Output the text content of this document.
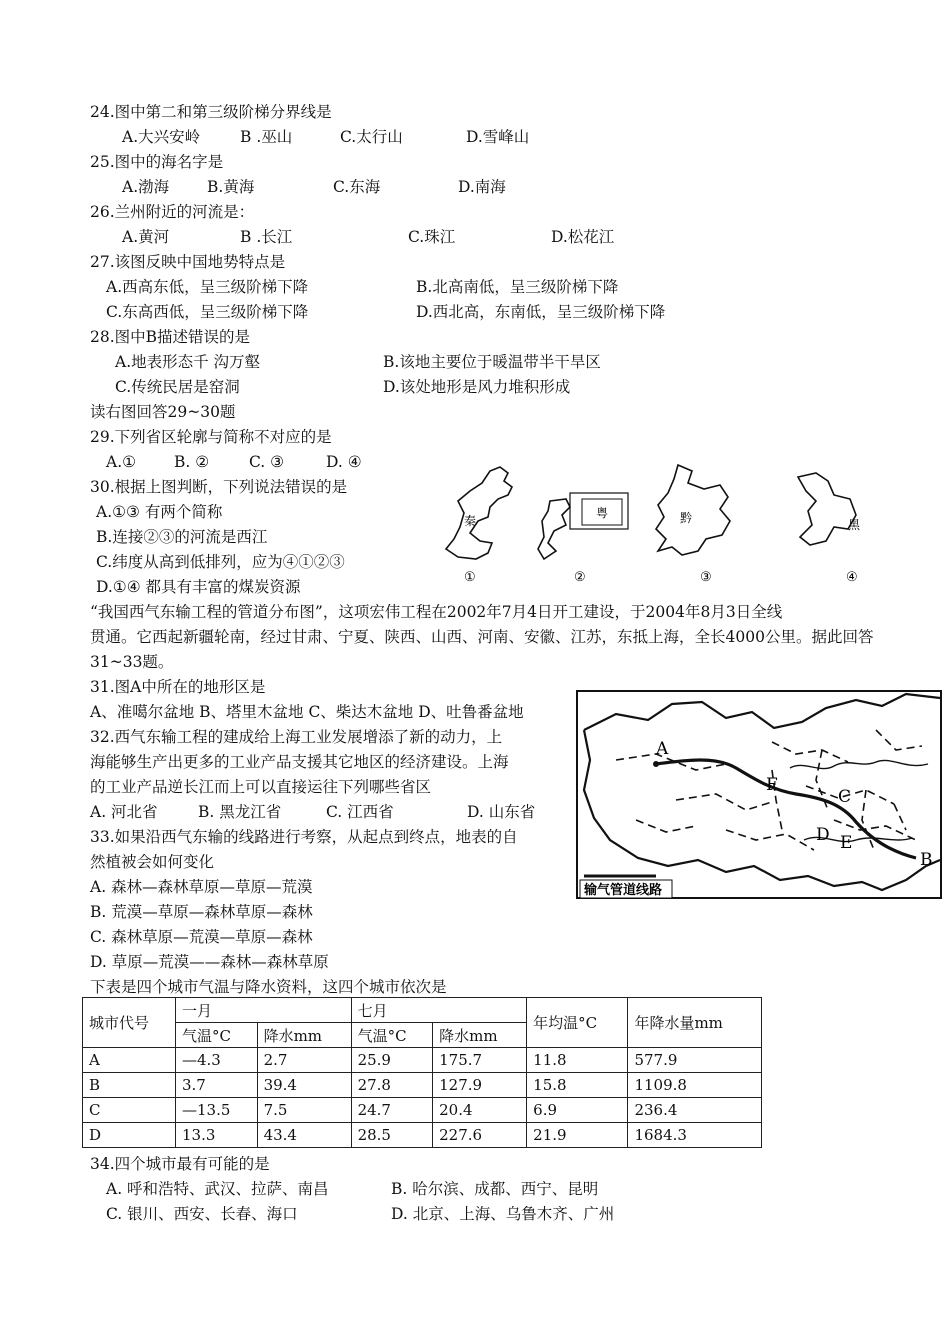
24.图中第二和第三级阶梯分界线是
A.大兴安岭	B .巫山	C.太行山	D.雪峰山
25.图中的海名字是
A.渤海 B.黄海	C.东海	D.南海
26.兰州附近的河流是：
A.黄河	B .长江	C.珠江	D.松花江
27.该图反映中国地势特点是
A.西高东低，呈三级阶梯下降	B.北高南低，呈三级阶梯下降
C.东高西低，呈三级阶梯下降	D.西北高，东南低，呈三级阶梯下降
28.图中B描述错误的是
A.地表形态千 沟万壑	B.该地主要位于暖温带半干旱区
C.传统民居是窑洞	D.该处地形是风力堆积形成
读右图回答29~30题
29.下列省区轮廓与简称不对应的是
A.① B. ②	C. ③	D. ④
30.根据上图判断，下列说法错误的是
A.①③ 有两个简称
B.连接②③的河流是西江
C.纬度从高到低排列，应为④①②③
D.①④ 都具有丰富的煤炭资源
秦
①
粤
②
黔
③
黑
④
“我国西气东输工程的管道分布图”，这项宏伟工程在2002年7月4日开工建设，于2004年8月3日全线
贯通。它西起新疆轮南，经过甘肃、宁夏、陕西、山西、河南、安徽、江苏，东抵上海，全长4000公里。据此回答
31~33题。
31.图A中所在的地形区是
A、准噶尔盆地 B、塔里木盆地 C、柴达木盆地 D、吐鲁番盆地
32.西气东输工程的建成给上海工业发展增添了新的动力，上
海能够生产出更多的工业产品支援其它地区的经济建设。上海
的工业产品逆长江而上可以直接运往下列哪些省区
A. 河北省	B. 黑龙江省	C. 江西省	D. 山东省
33.如果沿西气东输的线路进行考察，从起点到终点，地表的自
然植被会如何变化
A. 森林—森林草原—草原—荒漠
B. 荒漠—草原—森林草原—森林
C. 森林草原—荒漠—草原—森林
D. 草原—荒漠——森林—森林草原
A
B
C
D E
F
输气管道线路
下表是四个城市气温与降水资料，这四个城市依次是
城市代号	一月		七月		年均温°C	年降水量mm
	气温°C	降水mm	气温°C	降水mm		
A	—4.3	2.7	25.9	175.7	11.8	577.9
B	3.7	39.4	27.8	127.9	15.8	1109.8
C	—13.5	7.5	24.7	20.4	6.9	236.4
D	13.3	43.4	28.5	227.6	21.9	1684.3
34.四个城市最有可能的是
A. 呼和浩特、武汉、拉萨、南昌	B. 哈尔滨、成都、西宁、昆明
C. 银川、西安、长春、海口	D. 北京、上海、乌鲁木齐、广州
